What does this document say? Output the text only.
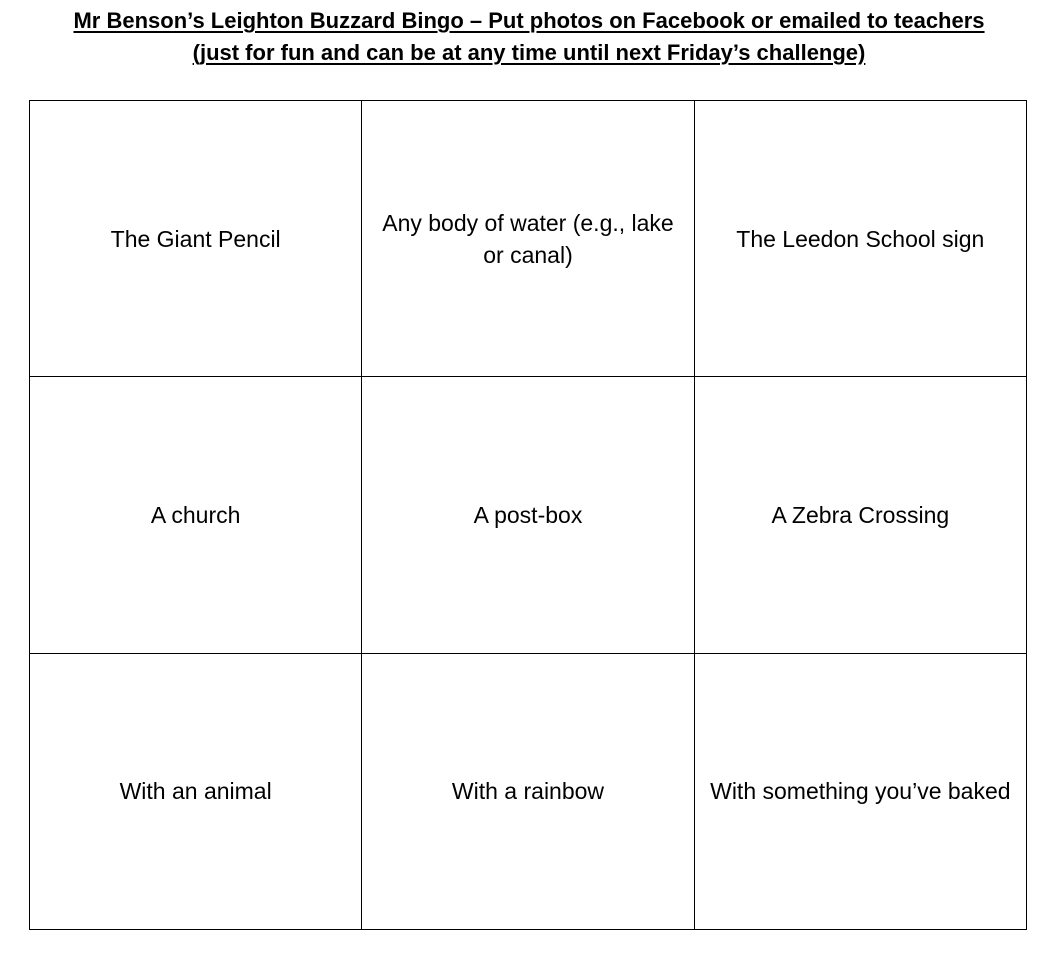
Mr Benson’s Leighton Buzzard Bingo – Put photos on Facebook or emailed to teachers
(just for fun and can be at any time until next Friday’s challenge)
The Giant Pencil	Any body of water (e.g., lake or canal)	The Leedon School sign
A church	A post-box	A Zebra Crossing
With an animal	With a rainbow	With something you’ve baked
